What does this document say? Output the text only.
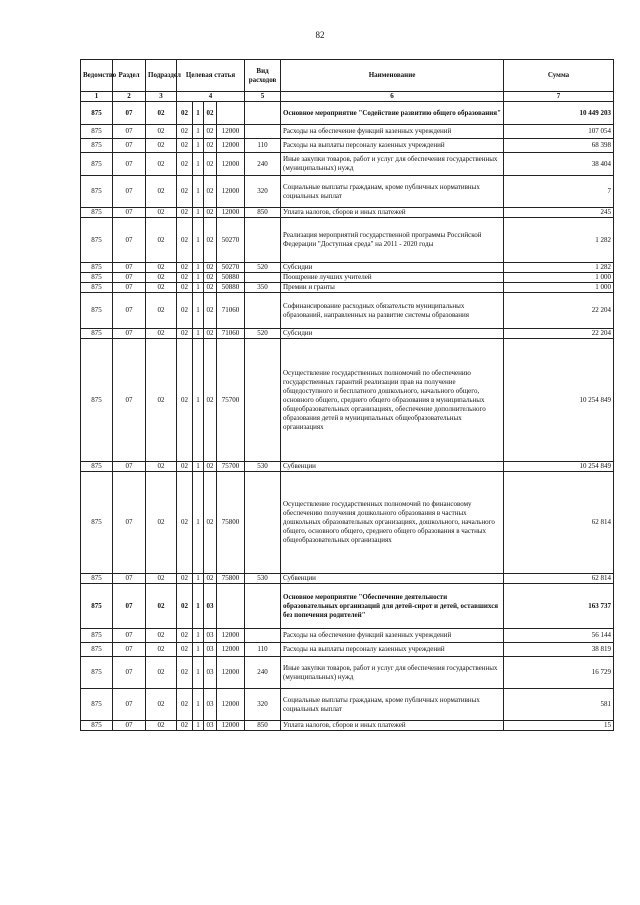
82
Ведомство	Раздел	Подраздел	Целевая статья				Вид расходов	Наименование	Сумма
1	2	3	4				5	6	7
875	07	02	02	1	02			Основное мероприятие "Содействие развитию общего образования"	10 449 203
875	07	02	02	1	02	12000		Расходы на обеспечение функций казенных учреждений	107 054
875	07	02	02	1	02	12000	110	Расходы на выплаты персоналу казенных учреждений	68 398
875	07	02	02	1	02	12000	240	Иные закупки товаров, работ и услуг для обеспечения государственных (муниципальных) нужд	38 404
875	07	02	02	1	02	12000	320	Социальные выплаты гражданам, кроме публичных нормативных социальных выплат	7
875	07	02	02	1	02	12000	850	Уплата налогов, сборов и иных платежей	245
875	07	02	02	1	02	50270		Реализация мероприятий государственной программы Российской Федерации "Доступная среда" на 2011 - 2020 годы	1 282
875	07	02	02	1	02	50270	520	Субсидии	1 282
875	07	02	02	1	02	50880		Поощрение лучших учителей	1 000
875	07	02	02	1	02	50880	350	Премии и гранты	1 000
875	07	02	02	1	02	71060		Софинансирование расходных обязательств муниципальных образований, направленных на развитие системы образования	22 204
875	07	02	02	1	02	71060	520	Субсидии	22 204
875	07	02	02	1	02	75700		Осуществление государственных полномочий по обеспечению государственных гарантий реализации прав на получение общедоступного и бесплатного дошкольного, начального общего, основного общего, среднего общего образования в муниципальных общеобразовательных организациях, обеспечение дополнительного образования детей в муниципальных общеобразовательных организациях	10 254 849
875	07	02	02	1	02	75700	530	Субвенции	10 254 849
875	07	02	02	1	02	75800		Осуществление государственных полномочий по финансовому обеспечению получения дошкольного образования в частных дошкольных образовательных организациях, дошкольного, начального общего, основного общего, среднего общего образования в частных общеобразовательных организациях	62 814
875	07	02	02	1	02	75800	530	Субвенции	62 814
875	07	02	02	1	03			Основное мероприятие "Обеспечение деятельности образовательных организаций для детей-сирот и детей, оставшихся без попечения родителей"	163 737
875	07	02	02	1	03	12000		Расходы на обеспечение функций казенных учреждений	56 144
875	07	02	02	1	03	12000	110	Расходы на выплаты персоналу казенных учреждений	38 819
875	07	02	02	1	03	12000	240	Иные закупки товаров, работ и услуг для обеспечения государственных (муниципальных) нужд	16 729
875	07	02	02	1	03	12000	320	Социальные выплаты гражданам, кроме публичных нормативных социальных выплат	581
875	07	02	02	1	03	12000	850	Уплата налогов, сборов и иных платежей	15
